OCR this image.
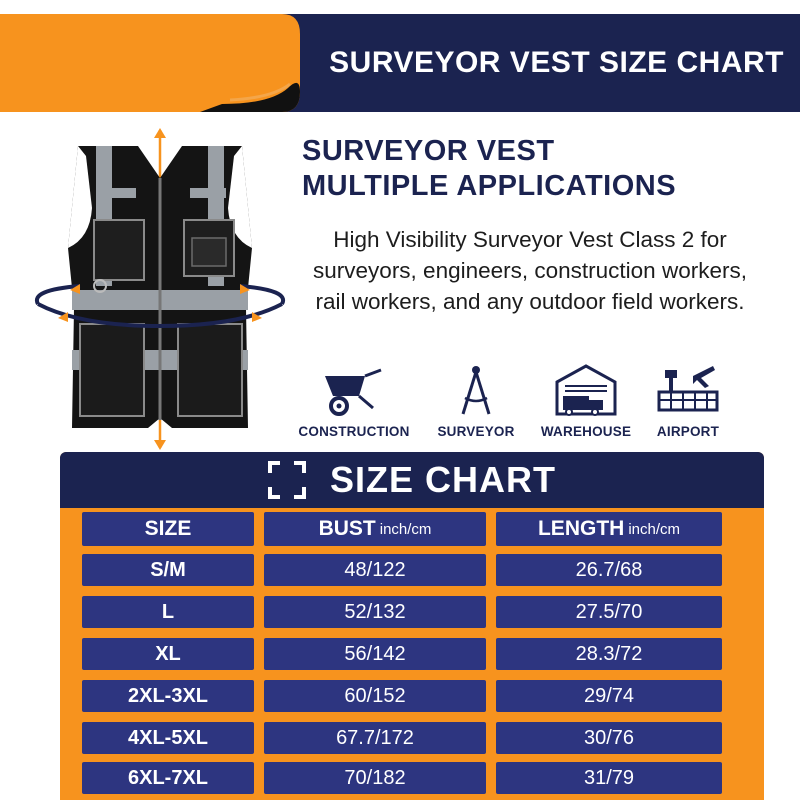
SURVEYOR VEST SIZE CHART
SURVEYOR VEST
MULTIPLE APPLICATIONS
High Visibility Surveyor Vest Class 2 for surveyors, engineers, construction workers, rail workers, and any outdoor field workers.
CONSTRUCTION	SURVEYOR	WAREHOUSE	AIRPORT
SIZE CHART
SIZE	BUST inch/cm	LENGTH inch/cm
S/M	48/122	26.7/68
L	52/132	27.5/70
XL	56/142	28.3/72
2XL-3XL	60/152	29/74
4XL-5XL	67.7/172	30/76
6XL-7XL	70/182	31/79
